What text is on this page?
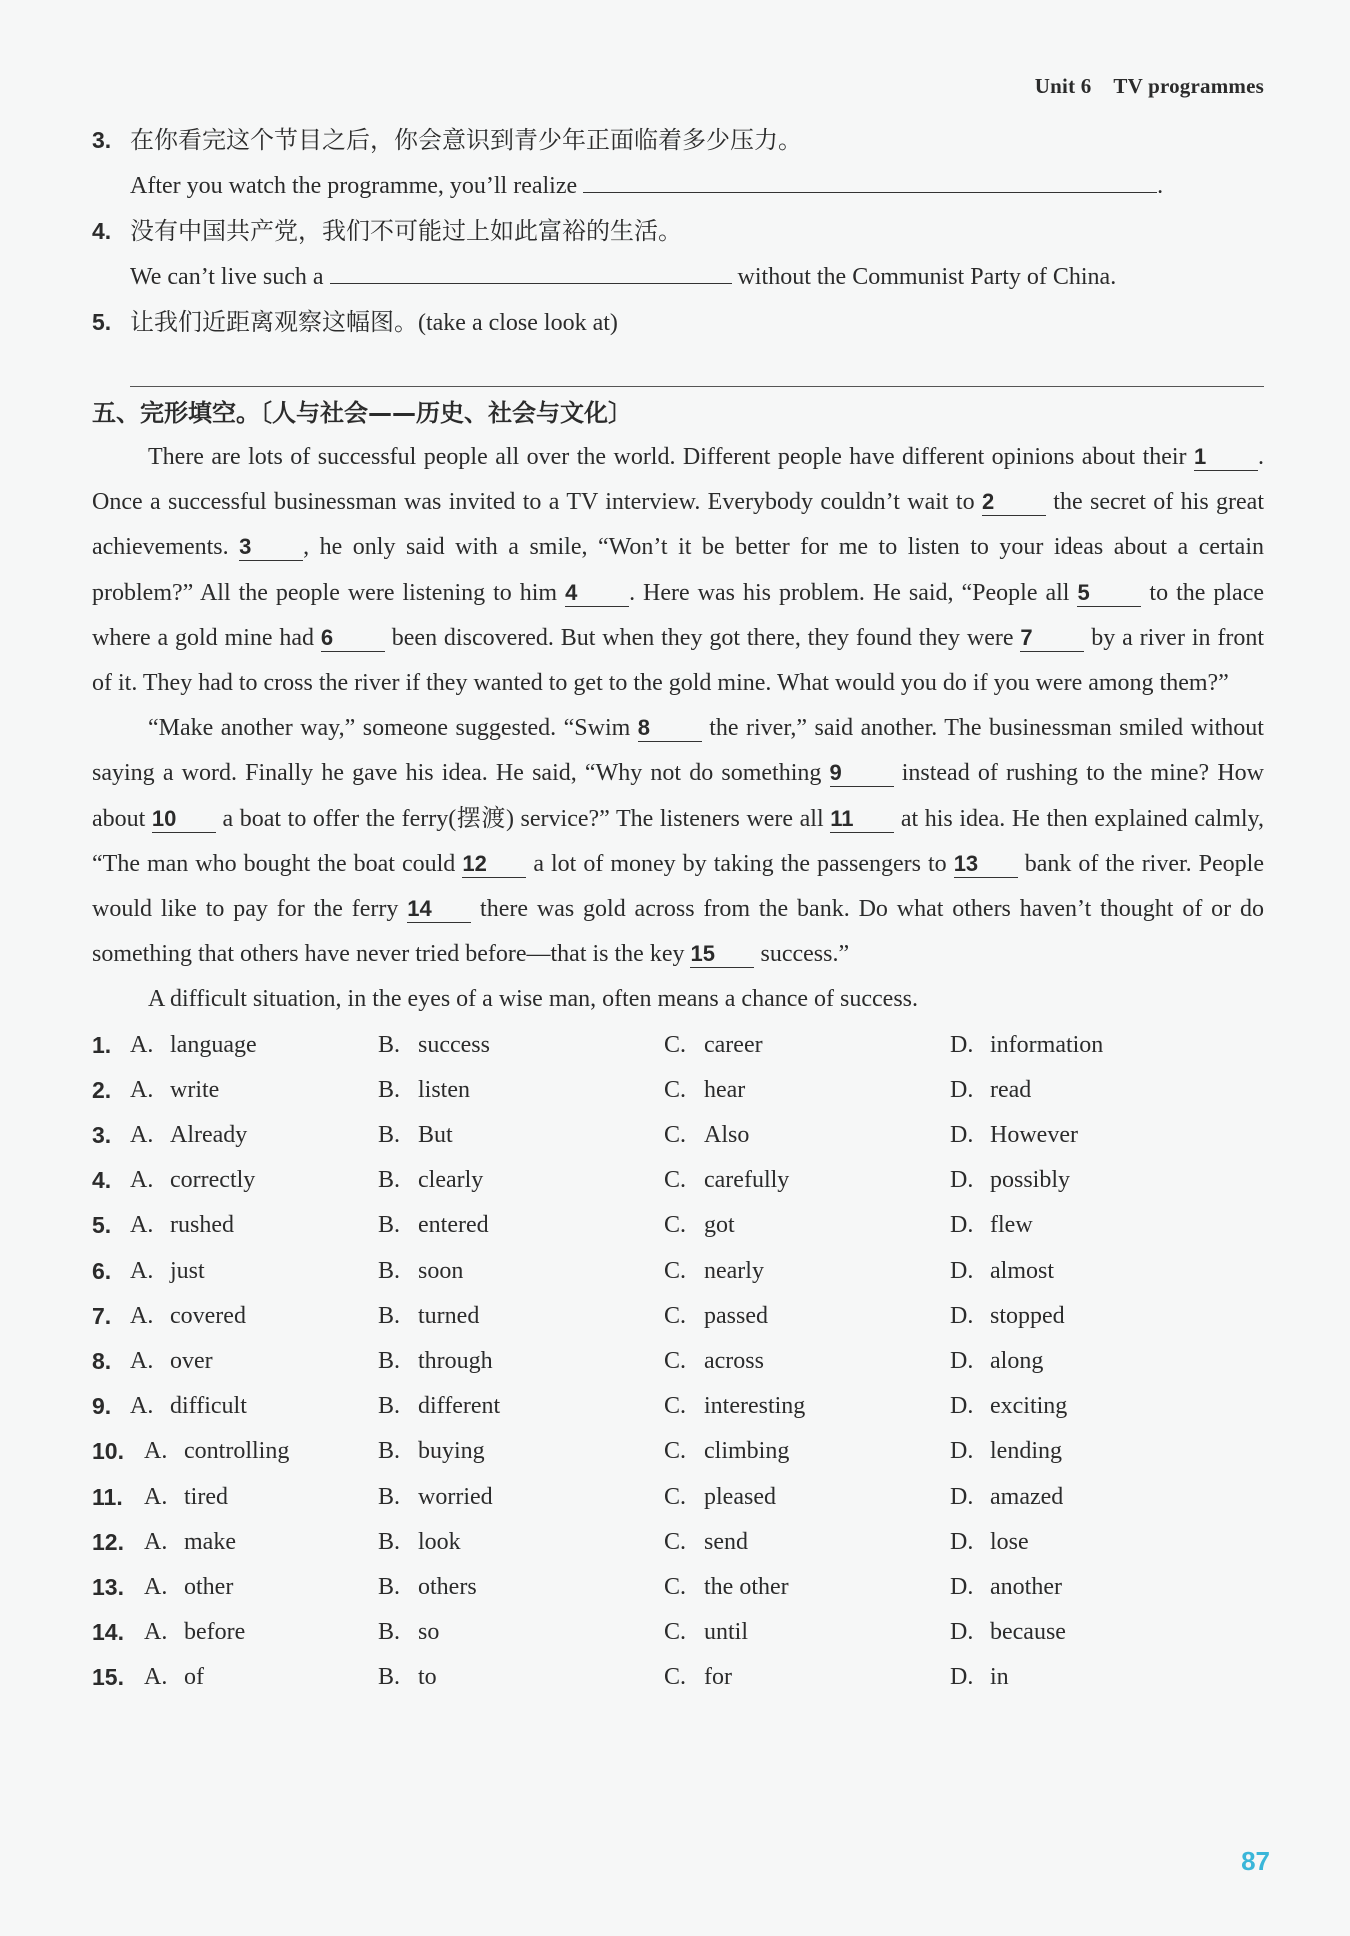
Unit 6 TV programmes
3. 在你看完这个节目之后，你会意识到青少年正面临着多少压力。
After you watch the programme, you’ll realize	.
4. 没有中国共产党，我们不可能过上如此富裕的生活。
We can’t live such a	without the Communist Party of China.
5. 让我们近距离观察这幅图。(take a close look at)
五、完形填空。〔人与社会——历史、社会与文化〕

There are lots of successful people all over the world. Different people have different opinions about their 1 . Once a successful businessman was invited to a TV interview. Everybody couldn’t wait to 2 the secret of his great achievements. 3 , he only said with a smile, “Won’t it be better for me to listen to your ideas about a certain problem?” All the people were listening to him 4 . Here was his problem. He said, “People all 5 to the place where a gold mine had 6 been discovered. But when they got there, they found they were 7 by a river in front of it. They had to cross the river if they wanted to get to the gold mine. What would you do if you were among them?”

“Make another way,” someone suggested. “Swim 8 the river,” said another. The businessman smiled without saying a word. Finally he gave his idea. He said, “Why not do something 9 instead of rushing to the mine? How about 10 a boat to offer the ferry(摆渡) service?” The listeners were all 11 at his idea. He then explained calmly, “The man who bought the boat could 12 a lot of money by taking the passengers to 13 bank of the river. People would like to pay for the ferry 14 there was gold across from the bank. Do what others haven’t thought of or do something that others have never tried before—that is the key 15 success.”

A difficult situation, in the eyes of a wise man, often means a chance of success.

1. A. language	B. success	C. career	D. information
2. A. write	B. listen	C. hear	D. read
3. A. Already	B. But	C. Also	D. However
4. A. correctly	B. clearly	C. carefully	D. possibly
5. A. rushed	B. entered	C. got	D. flew
6. A. just	B. soon	C. nearly	D. almost
7. A. covered	B. turned	C. passed	D. stopped
8. A. over	B. through	C. across	D. along
9. A. difficult	B. different	C. interesting	D. exciting
10. A. controlling	B. buying	C. climbing	D. lending
11. A. tired	B. worried	C. pleased	D. amazed
12. A. make	B. look	C. send	D. lose
13. A. other	B. others	C. the other	D. another
14. A. before	B. so	C. until	D. because
15. A. of	B. to	C. for	D. in
87
